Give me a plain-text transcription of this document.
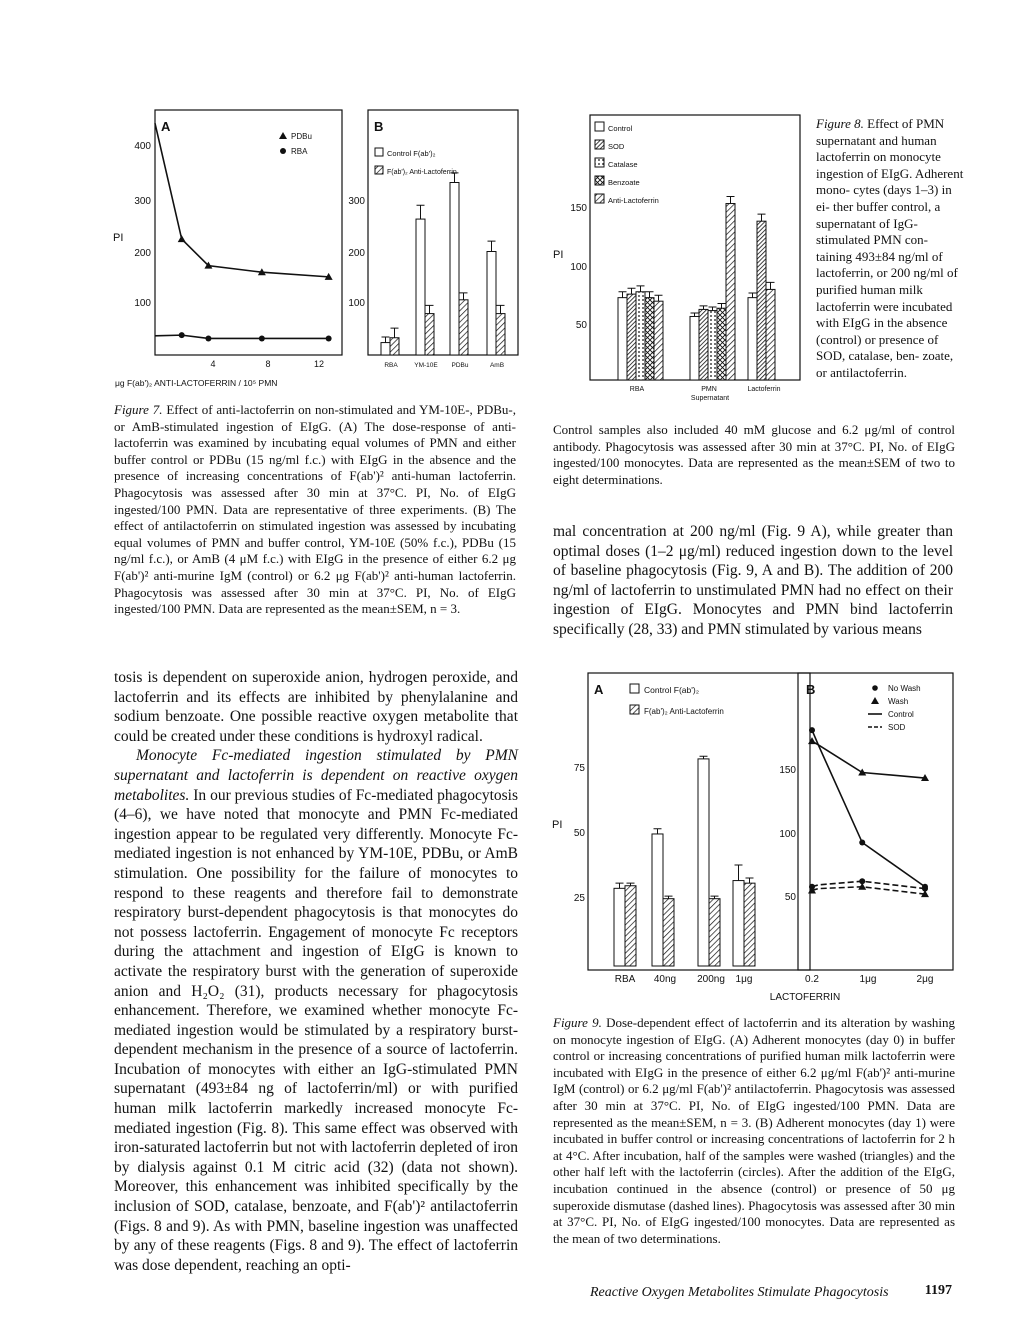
A
PDBu
RBA
400
300
200
100
PI
4	8	12
μg F(ab')₂ ANTI-LACTOFERRIN / 10⁵ PMN
B
Control F(ab')₂
F(ab')₂ Anti-Lactoferrin
300
200
100
RBA	YM-10E PDBu	AmB
Figure 7. Effect of anti-lactoferrin on non-stimulated and YM-10E-, PDBu-, or AmB-stimulated ingestion of EIgG. (A) The dose-response of anti-lactoferrin was examined by incubating equal volumes of PMN and either buffer control or PDBu (15 ng/ml f.c.) with EIgG in the absence and the presence of increasing concentrations of F(ab')² anti-human lactoferrin. Phagocytosis was assessed after 30 min at 37°C. PI, No. of EIgG ingested/100 PMN. Data are representative of three experiments. (B) The effect of antilactoferrin on stimulated ingestion was assessed by incubating equal volumes of PMN and buffer control, YM-10E (50% f.c.), PDBu (15 ng/ml f.c.), or AmB (4 μM f.c.) with EIgG in the presence of either 6.2 μg F(ab')² anti-murine IgM (control) or 6.2 μg F(ab')² anti-human lactoferrin. Phagocytosis was assessed after 30 min at 37°C. PI, No. of EIgG ingested/100 PMN. Data are represented as the mean±SEM, n = 3.
Control
SOD
Catalase
Benzoate
Anti-Lactoferrin
150
100
50
PI
RBA	PMN Supernatant
Lactoferrin
Figure 8. Effect of PMN supernatant and human lactoferrin on monocyte ingestion of EIgG. Adherent mono- cytes (days 1–3) in ei- ther buffer control, a supernatant of IgG- stimulated PMN con- taining 493±84 ng/ml of lactoferrin, or 200 ng/ml of purified human milk lactoferrin were incubated with EIgG in the absence (control) or presence of SOD, catalase, ben- zoate, or antilactoferrin.
Control samples also included 40 mM glucose and 6.2 μg/ml of control antibody. Phagocytosis was assessed after 30 min at 37°C. PI, No. of EIgG ingested/100 monocytes. Data are represented as the mean±SEM of two to eight determinations.

mal concentration at 200 ng/ml (Fig. 9 A), while greater than optimal doses (1–2 μg/ml) reduced ingestion down to the level of baseline phagocytosis (Fig. 9, A and B). The addition of 200 ng/ml of lactoferrin to unstimulated PMN had no effect on their ingestion of EIgG. Monocytes and PMN bind lactoferrin specifically (28, 33) and PMN stimulated by various means

tosis is dependent on superoxide anion, hydrogen peroxide, and lactoferrin and its effects are inhibited by phenylalanine and sodium benzoate. One possible reactive oxygen metabolite that could be created under these conditions is hydroxyl radical.

Monocyte Fc-mediated ingestion stimulated by PMN supernatant and lactoferrin is dependent on reactive oxygen metabolites. In our previous studies of Fc-mediated phagocytosis (4–6), we have noted that monocyte and PMN Fc-mediated ingestion appear to be regulated very differently. Monocyte Fc-mediated ingestion is not enhanced by YM-10E, PDBu, or AmB stimulation. One possibility for the failure of monocytes to respond to these reagents and therefore fail to demonstrate respiratory burst-dependent phagocytosis is that monocytes do not possess lactoferrin. Engagement of monocyte Fc receptors during the attachment and ingestion of EIgG is known to activate the respiratory burst with the generation of superoxide anion and H₂O₂ (31), products necessary for phagocytosis enhancement. Therefore, we examined whether monocyte Fc-mediated ingestion would be stimulated by a respiratory burst-dependent mechanism in the presence of a source of lactoferrin. Incubation of monocytes with either an IgG-stimulated PMN supernatant (493±84 ng of lactoferrin/ml) or with purified human milk lactoferrin markedly increased monocyte Fc-mediated ingestion (Fig. 8). This same effect was observed with iron-saturated lactoferrin but not with lactoferrin depleted of iron by dialysis against 0.1 M citric acid (32) (data not shown). Moreover, this enhancement was inhibited specifically by the inclusion of SOD, catalase, benzoate, and F(ab')² antilactoferrin (Figs. 8 and 9). As with PMN, baseline ingestion was unaffected by any of these reagents (Figs. 8 and 9). The effect of lactoferrin was dose dependent, reaching an opti-

A	Control F(ab')₂
F(ab')₂ Anti-Lactoferrin
75
50
25
PI
RBA 40ng 200ng 1μg
B	No Wash
Wash
Control
SOD
150
100
50
0.2	1μg	2μg
LACTOFERRIN
Figure 9. Dose-dependent effect of lactoferrin and its alteration by washing on monocyte ingestion of EIgG. (A) Adherent monocytes (day 0) in buffer control or increasing concentrations of purified human milk lactoferrin were incubated with EIgG in the presence of either 6.2 μg/ml F(ab')² anti-murine IgM (control) or 6.2 μg/ml F(ab')² antilactoferrin. Phagocytosis was assessed after 30 min at 37°C. PI, No. of EIgG ingested/100 PMN. Data are represented as the mean±SEM, n = 3. (B) Adherent monocytes (day 1) were incubated in buffer control or increasing concentrations of lactoferrin for 2 h at 4°C. After incubation, half of the samples were washed (triangles) and the other half left with the lactoferrin (circles). After the addition of the EIgG, incubation continued in the absence (control) or presence of 50 μg superoxide dismutase (dashed lines). Phagocytosis was assessed after 30 min at 37°C. PI, No. of EIgG ingested/100 monocytes. Data are represented as the mean of two determinations.
Reactive Oxygen Metabolites Stimulate Phagocytosis	1197
